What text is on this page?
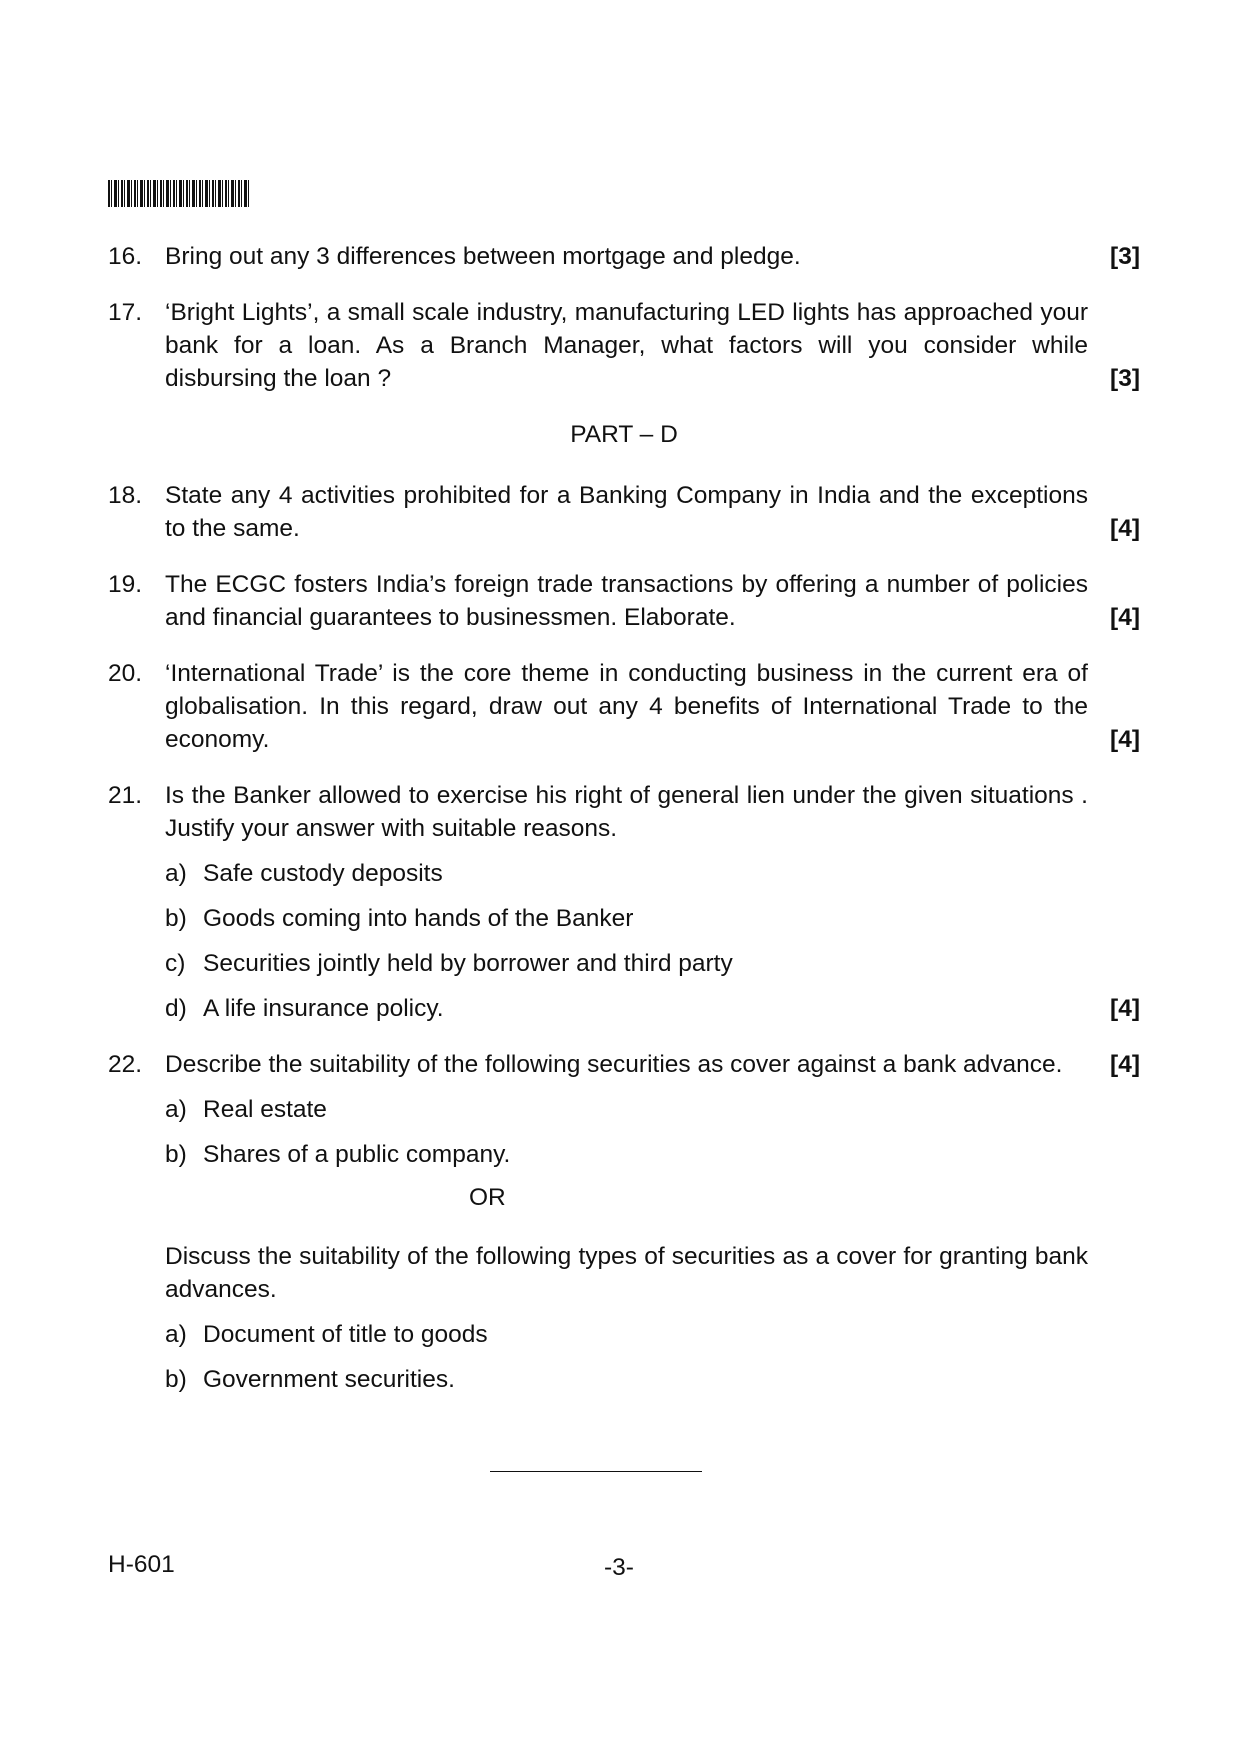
16. Bring out any 3 differences between mortgage and pledge.	[3]
17. ‘Bright Lights’, a small scale industry, manufacturing LED lights has approached your bank for a loan. As a Branch Manager, what factors will you consider while disbursing the loan ?	[3]
PART – D
18. State any 4 activities prohibited for a Banking Company in India and the exceptions to the same.	[4]
19. The ECGC fosters India’s foreign trade transactions by offering a number of policies and financial guarantees to businessmen. Elaborate.	[4]
20. ‘International Trade’ is the core theme in conducting business in the current era of globalisation. In this regard, draw out any 4 benefits of International Trade to the economy.	[4]
21. Is the Banker allowed to exercise his right of general lien under the given situations . Justify your answer with suitable reasons.
a) Safe custody deposits
b) Goods coming into hands of the Banker
c) Securities jointly held by borrower and third party
d) A life insurance policy.	[4]
22. Describe the suitability of the following securities as cover against a bank advance.	[4]
a) Real estate
b) Shares of a public company.
OR
Discuss the suitability of the following types of securities as a cover for granting bank advances.
a) Document of title to goods
b) Government securities.
H-601	-3-
